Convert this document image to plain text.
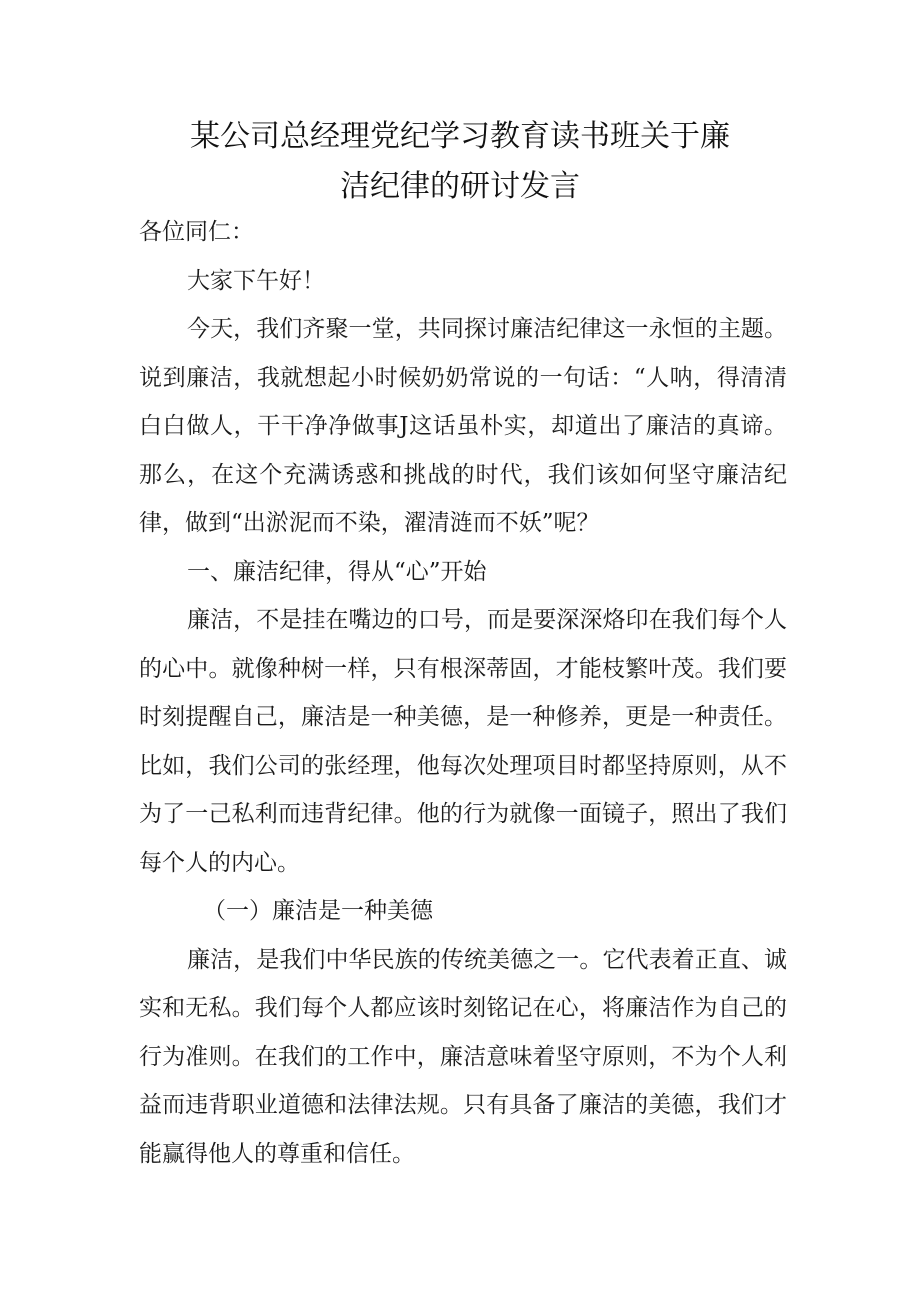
某公司总经理党纪学习教育读书班关于廉
洁纪律的研讨发言

各位同仁：

大家下午好！

今天，我们齐聚一堂，共同探讨廉洁纪律这一永恒的主题。说到廉洁，我就想起小时候奶奶常说的一句话：“人呐，得清清白白做人，干干净净做事J这话虽朴实，却道出了廉洁的真谛。那么，在这个充满诱惑和挑战的时代，我们该如何坚守廉洁纪律，做到“出淤泥而不染，濯清涟而不妖”呢？

一、廉洁纪律，得从“心”开始

廉洁，不是挂在嘴边的口号，而是要深深烙印在我们每个人的心中。就像种树一样，只有根深蒂固，才能枝繁叶茂。我们要时刻提醒自己，廉洁是一种美德，是一种修养，更是一种责任。比如，我们公司的张经理，他每次处理项目时都坚持原则，从不为了一己私利而违背纪律。他的行为就像一面镜子，照出了我们每个人的内心。

（一）廉洁是一种美德

廉洁，是我们中华民族的传统美德之一。它代表着正直、诚实和无私。我们每个人都应该时刻铭记在心，将廉洁作为自己的行为准则。在我们的工作中，廉洁意味着坚守原则，不为个人利益而违背职业道德和法律法规。只有具备了廉洁的美德，我们才能赢得他人的尊重和信任。
